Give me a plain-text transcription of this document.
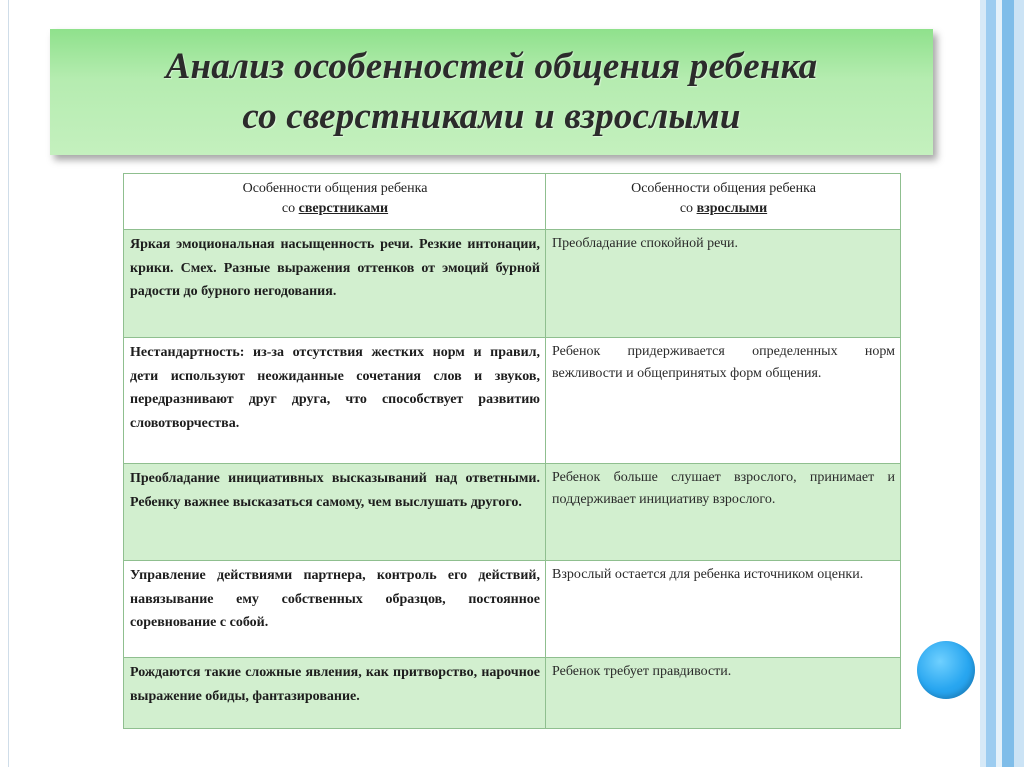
Анализ особенностей общения ребенка
со сверстниками и взрослыми
Особенности общения ребенка
со сверстниками	Особенности общения ребенка
со взрослыми
Яркая эмоциональная насыщенность речи. Резкие интонации, крики. Смех. Разные выражения оттенков от эмоций бурной радости до бурного негодования.	Преобладание спокойной речи.
Нестандартность: из-за отсутствия жестких норм и правил, дети используют неожиданные сочетания слов и звуков, передразнивают друг друга, что способствует развитию словотворчества.	Ребенок придерживается определенных норм вежливости и общепринятых форм общения.
Преобладание инициативных высказываний над ответными. Ребенку важнее высказаться самому, чем выслушать другого.	Ребенок больше слушает взрослого, принимает и поддерживает инициативу взрослого.
Управление действиями партнера, контроль его действий, навязывание ему собственных образцов, постоянное соревнование с собой.	Взрослый остается для ребенка источником оценки.
Рождаются такие сложные явления, как притворство, нарочное выражение обиды, фантазирование.	Ребенок требует правдивости.
